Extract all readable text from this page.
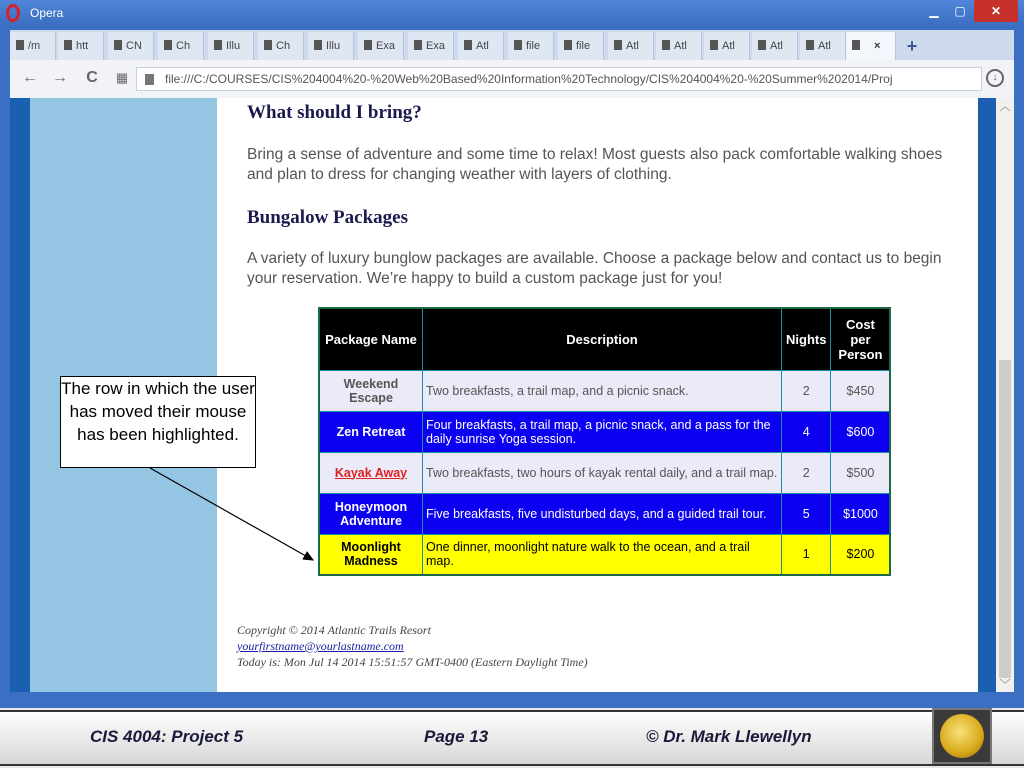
Opera	▁	▢	✕
/m	htt	CN	Ch	Illu	Ch	Illu	Exa	Exa	Atl	file	file	Atl	Atl	Atl	Atl	Atl	×	+
← → C	▦	file:///C:/COURSES/CIS%204004%20-%20Web%20Based%20Information%20Technology/CIS%204004%20-%20Summer%202014/Proj	↓
What should I bring?

Bring a sense of adventure and some time to relax! Most guests also pack comfortable walking shoes and plan to dress for changing weather with layers of clothing.

Bungalow Packages

A variety of luxury bunglow packages are available. Choose a package below and contact us to begin your reservation. We’re happy to build a custom package just for you!

Package Name	Description	Nights	Cost per Person
Weekend Escape	Two breakfasts, a trail map, and a picnic snack.	2	$450
Zen Retreat	Four breakfasts, a trail map, a picnic snack, and a pass for the daily sunrise Yoga session.	4	$600
Kayak Away	Two breakfasts, two hours of kayak rental daily, and a trail map.	2	$500
Honeymoon Adventure	Five breakfasts, five undisturbed days, and a guided trail tour.	5	$1000
Moonlight Madness	One dinner, moonlight nature walk to the ocean, and a trail map.	1	$200
Copyright © 2014 Atlantic Trails Resort
yourfirstname@yourlastname.com
Today is: Mon Jul 14 2014 15:51:57 GMT-0400 (Eastern Daylight Time)
︿
﹀
The row in which the user has moved their mouse has been highlighted.
CIS 4004: Project 5	Page 13	© Dr. Mark Llewellyn
